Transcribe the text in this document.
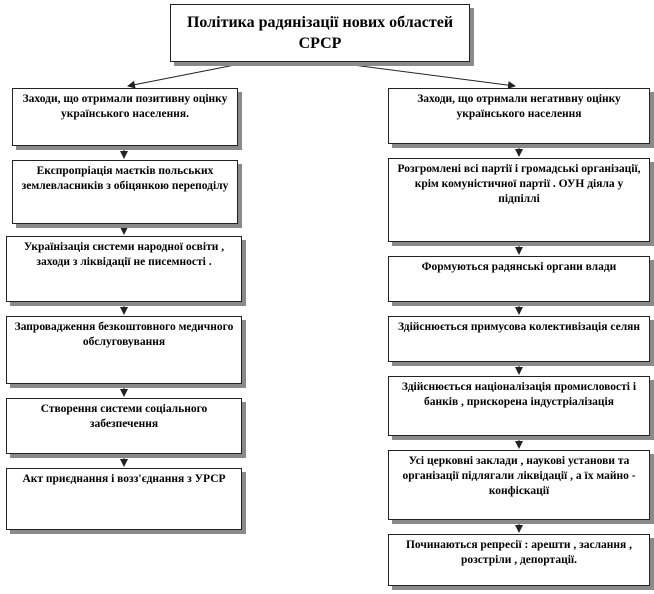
Політика радянізації нових областей СРСР
Заходи, що отримали позитивну оцінку українського населення.
Експропріація маєтків польських землевласників з обіцянкою переподілу
Українізація системи народної освіти , заходи з ліквідації не писемності .
Запровадження безкоштовного медичного обслуговування
Створення системи соціального забезпечення
Акт приєднання і возз'єднання з УРСР
Заходи, що отримали негативну оцінку українського населення
Розгромлені всі партії і громадські організації, крім комуністичної партії . ОУН діяла у підпіллі
Формуються радянські органи влади
Здійснюється примусова колективізація селян
Здійснюється націоналізація промисловості і банків , прискорена індустріалізація
Усі церковні заклади , наукові установи та організації підлягали ліквідації , а їх майно - конфіскації
Починаються репресії : арешти , заслання , розстріли , депортації.
